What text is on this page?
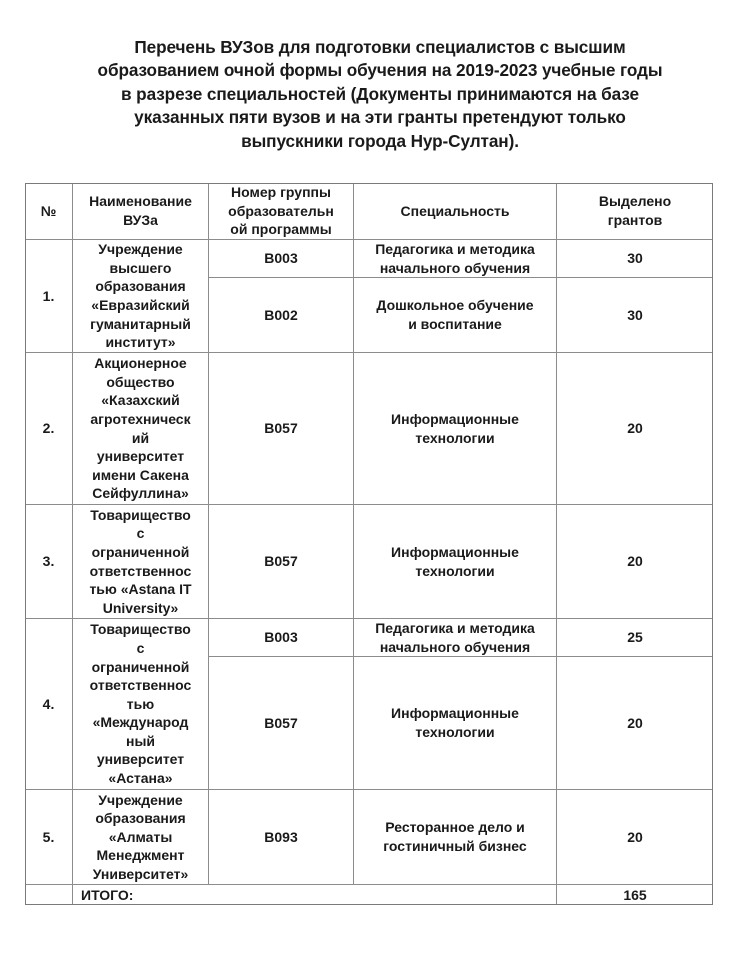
Перечень ВУЗов для подготовки специалистов с высшим
образованием очной формы обучения на 2019-2023 учебные годы
в разрезе специальностей (Документы принимаются на базе
указанных пяти вузов и на эти гранты претендуют только
выпускники города Нур-Султан).
№
Наименование
ВУЗа
Номер группы
образовательн
ой программы
Специальность
Выделено
грантов
1.
Учреждение
высшего
образования
«Евразийский
гуманитарный
институт»
В003
Педагогика и методика
начального обучения
30
В002
Дошкольное обучение
и воспитание
30
2.
Акционерное
общество
«Казахский
агротехническ
ий
университет
имени Сакена
Сейфуллина»
В057
Информационные
технологии
20
3.
Товарищество
с
ограниченной
ответственнос
тью «Astana IT
University»
В057
Информационные
технологии
20
4.
Товарищество
с
ограниченной
ответственнос
тью
«Международ
ный
университет
«Астана»
В003
Педагогика и методика
начального обучения
25
В057
Информационные
технологии
20
5.
Учреждение
образования
«Алматы
Менеджмент
Университет»
В093
Ресторанное дело и
гостиничный бизнес
20
ИТОГО:	165
